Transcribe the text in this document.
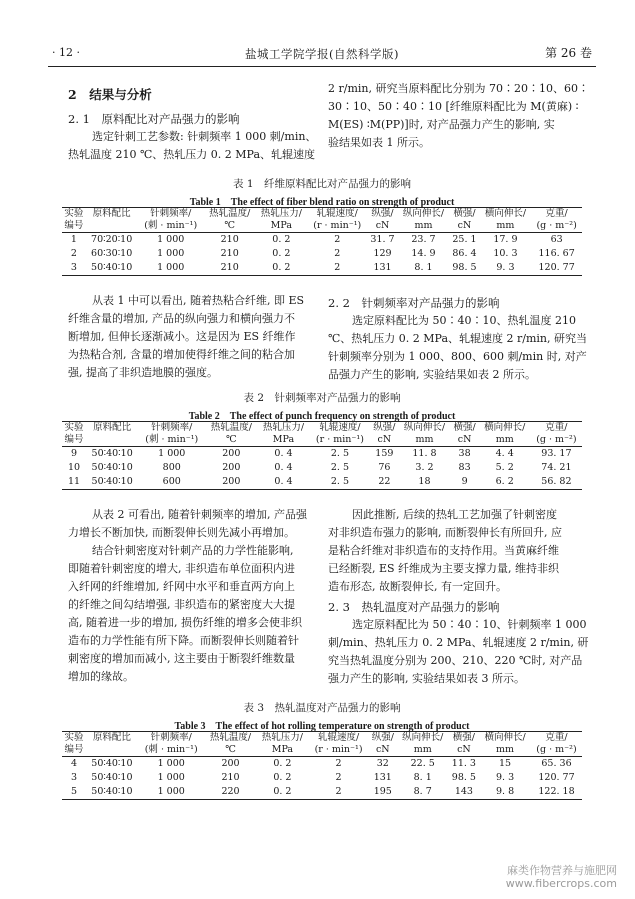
· 12 ·	盐城工学院学报(自然科学版)	第 26 卷
2　结果与分析
2. 1　原料配比对产品强力的影响
选定针刺工艺参数: 针刺频率 1 000 刺/min、
热轧温度 210 ℃、热轧压力 0. 2 MPa、轧辊速度
2 r/min, 研究当原料配比分别为 70∶20∶10、60∶
30∶10、50∶40∶10 [纤维原料配比为 M(黄麻) ∶
M(ES) ∶M(PP)]时, 对产品强力产生的影响, 实
验结果如表 1 所示。
表 1　纤维原料配比对产品强力的影响
Table 1　The effect of fiber blend ratio on strength of product
实验	原料配比	针刺频率/	热轧温度/	热轧压力/	轧辊速度/	纵强/	纵向伸长/	横强/	横向伸长/	克重/
编号		(刺 · min⁻¹)	℃	MPa	(r · min⁻¹)	cN	mm	cN	mm	(g · m⁻²)
1	70∶20∶10	1 000	210	0. 2	2	31. 7	23. 7	25. 1	17. 9	63
2	60∶30∶10	1 000	210	0. 2	2	129	14. 9	86. 4	10. 3	116. 67
3	50∶40∶10	1 000	210	0. 2	2	131	8. 1	98. 5	9. 3	120. 77
从表 1 中可以看出, 随着热粘合纤维, 即 ES
纤维含量的增加, 产品的纵向强力和横向强力不
断增加, 但伸长逐渐减小。这是因为 ES 纤维作
为热粘合剂, 含量的增加使得纤维之间的粘合加
强, 提高了非织造地膜的强度。
2. 2　针刺频率对产品强力的影响
选定原料配比为 50∶40∶10、热轧温度 210
℃、热轧压力 0. 2 MPa、轧辊速度 2 r/min, 研究当
针刺频率分别为 1 000、800、600 刺/min 时, 对产
品强力产生的影响, 实验结果如表 2 所示。
表 2　针刺频率对产品强力的影响
Table 2　The effect of punch frequency on strength of product
实验	原料配比	针刺频率/	热轧温度/	热轧压力/	轧辊速度/	纵强/	纵向伸长/	横强/	横向伸长/	克重/
编号		(刺 · min⁻¹)	℃	MPa	(r · min⁻¹)	cN	mm	cN	mm	(g · m⁻²)
9	50∶40∶10	1 000	200	0. 4	2. 5	159	11. 8	38	4. 4	93. 17
10	50∶40∶10	800	200	0. 4	2. 5	76	3. 2	83	5. 2	74. 21
11	50∶40∶10	600	200	0. 4	2. 5	22	18	9	6. 2	56. 82
从表 2 可看出, 随着针刺频率的增加, 产品强
力增长不断加快, 而断裂伸长则先减小再增加。
结合针刺密度对针刺产品的力学性能影响,
即随着针刺密度的增大, 非织造布单位面积内进
入纤网的纤维增加, 纤网中水平和垂直两方向上
的纤维之间勾结增强, 非织造布的紧密度大大提
高, 随着进一步的增加, 损伤纤维的增多会使非织
造布的力学性能有所下降。而断裂伸长则随着针
刺密度的增加而减小, 这主要由于断裂纤维数量
增加的缘故。
因此推断, 后续的热轧工艺加强了针刺密度
对非织造布强力的影响, 而断裂伸长有所回升, 应
是粘合纤维对非织造布的支持作用。当黄麻纤维
已经断裂, ES 纤维成为主要支撑力量, 维持非织
造布形态, 故断裂伸长, 有一定回升。
2. 3　热轧温度对产品强力的影响
选定原料配比为 50∶40∶10、针刺频率 1 000
刺/min、热轧压力 0. 2 MPa、轧辊速度 2 r/min, 研
究当热轧温度分别为 200、210、220 ℃时, 对产品
强力产生的影响, 实验结果如表 3 所示。
表 3　热轧温度对产品强力的影响
Table 3　The effect of hot rolling temperature on strength of product
实验	原料配比	针刺频率/	热轧温度/	热轧压力/	轧辊速度/	纵强/	纵向伸长/	横强/	横向伸长/	克重/
编号		(刺 · min⁻¹)	℃	MPa	(r · min⁻¹)	cN	mm	cN	mm	(g · m⁻²)
4	50∶40∶10	1 000	200	0. 2	2	32	22. 5	11. 3	15	65. 36
3	50∶40∶10	1 000	210	0. 2	2	131	8. 1	98. 5	9. 3	120. 77
5	50∶40∶10	1 000	220	0. 2	2	195	8. 7	143	9. 8	122. 18
麻类作物营养与施肥网
www.fibercrops.com
